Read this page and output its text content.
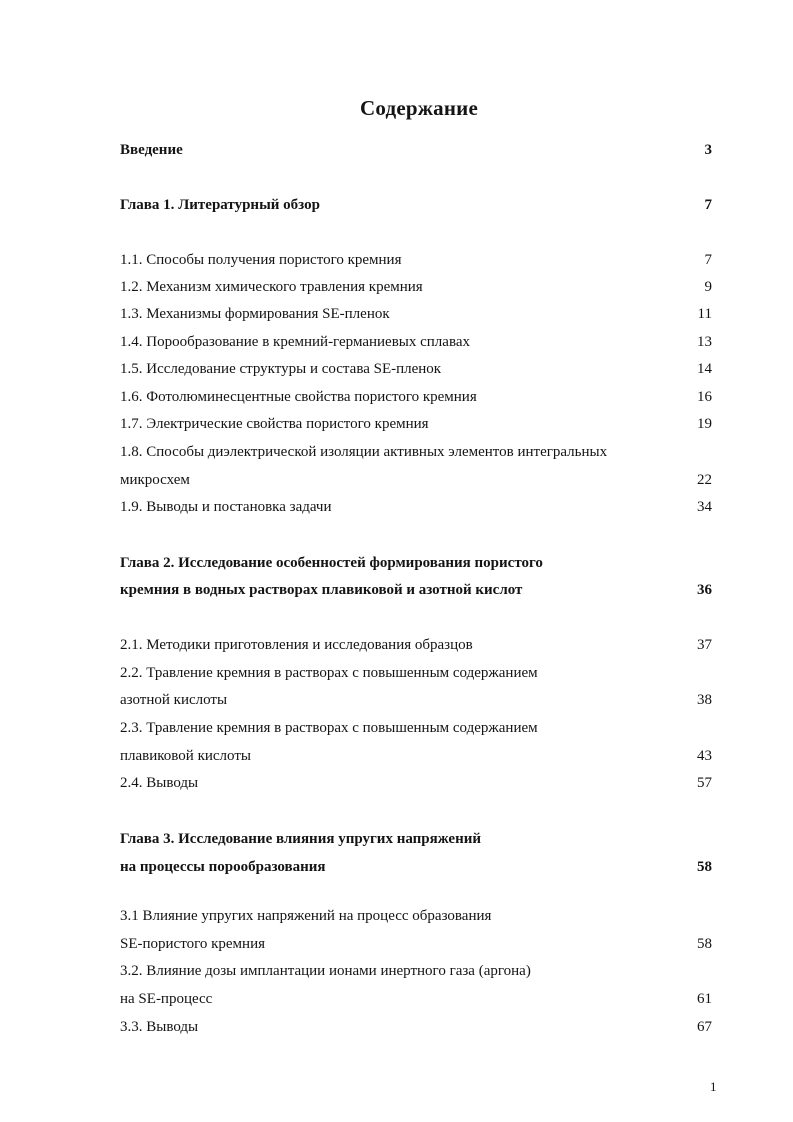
Содержание
Введение	3
Глава 1. Литературный обзор	7
1.1. Способы получения пористого кремния	7
1.2. Механизм химического травления кремния	9
1.3. Механизмы формирования SE-пленок	11
1.4. Порообразование в кремний-германиевых сплавах	13
1.5. Исследование структуры и состава SE-пленок	14
1.6. Фотолюминесцентные свойства пористого кремния	16
1.7. Электрические свойства пористого кремния	19
1.8. Способы диэлектрической изоляции активных элементов интегральных
микросхем	22
1.9. Выводы и постановка задачи	34
Глава 2. Исследование особенностей формирования пористого
кремния в водных растворах плавиковой и азотной кислот	36
2.1. Методики приготовления и исследования образцов	37
2.2. Травление кремния в растворах с повышенным содержанием
азотной кислоты	38
2.3. Травление кремния в растворах с повышенным содержанием
плавиковой кислоты	43
2.4. Выводы	57
Глава 3. Исследование влияния упругих напряжений
на процессы порообразования	58
3.1 Влияние упругих напряжений на процесс образования
SE-пористого кремния	58
3.2. Влияние дозы имплантации ионами инертного газа (аргона)
на SE-процесс	61
3.3. Выводы	67
1
